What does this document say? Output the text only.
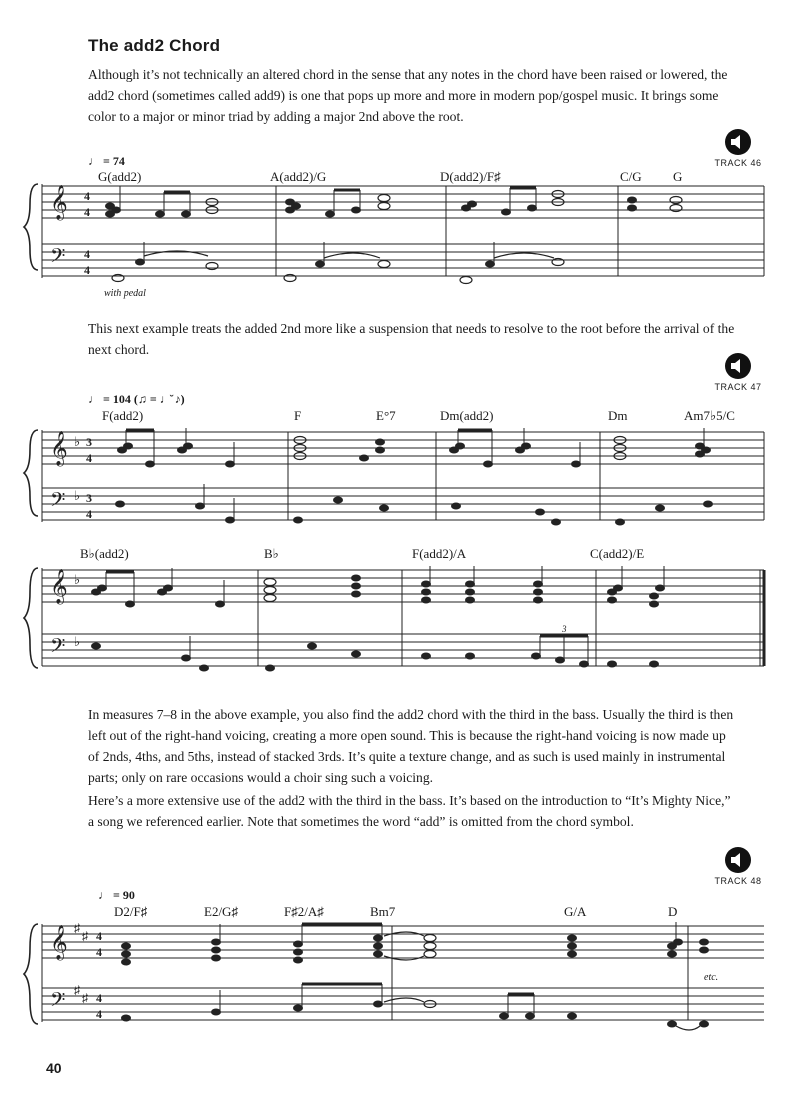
The add2 Chord

Although it’s not technically an altered chord in the sense that any notes in the chord have been raised or lowered, the add2 chord (sometimes called add9) is one that pops up more and more in modern pop/gospel music. It brings some color to a major or minor triad by adding a major 2nd above the root.

TRACK 46
♩ = 74
G(add2)	A(add2)/G	D(add2)/F♯	C/G G
𝄞
𝄢
4
4
4
4
with pedal

This next example treats the added 2nd more like a suspension that needs to resolve to the root before the arrival of the next chord.

TRACK 47
♩ = 104 (♫ = ♩̆ ♪)
F(add2)	F	E°7	Dm(add2)	Dm	Am7♭5/C
𝄞
𝄢
♭
♭
3
4
3
4
B♭(add2)	B♭	F(add2)/A	C(add2)/E
𝄞
𝄢
♭
♭
3

In measures 7–8 in the above example, you also find the add2 chord with the third in the bass. Usually the third is then left out of the right-hand voicing, creating a more open sound. This is because the right-hand voicing is now made up of 2nds, 4ths, and 5ths, instead of stacked 3rds. It’s quite a texture change, and as such is used mainly in instrumental parts; only on rare occasions would a choir sing such a voicing.

Here’s a more extensive use of the add2 with the third in the bass. It’s based on the introduction to “It’s Mighty Nice,” a song we referenced earlier. Note that sometimes the word “add” is omitted from the chord symbol.

TRACK 48
♩ = 90
D2/F♯	E2/G♯	F♯2/A♯	Bm7	G/A	D
𝄞
𝄢
♯
♯
♯
♯
4
4
4
4
etc.
40
